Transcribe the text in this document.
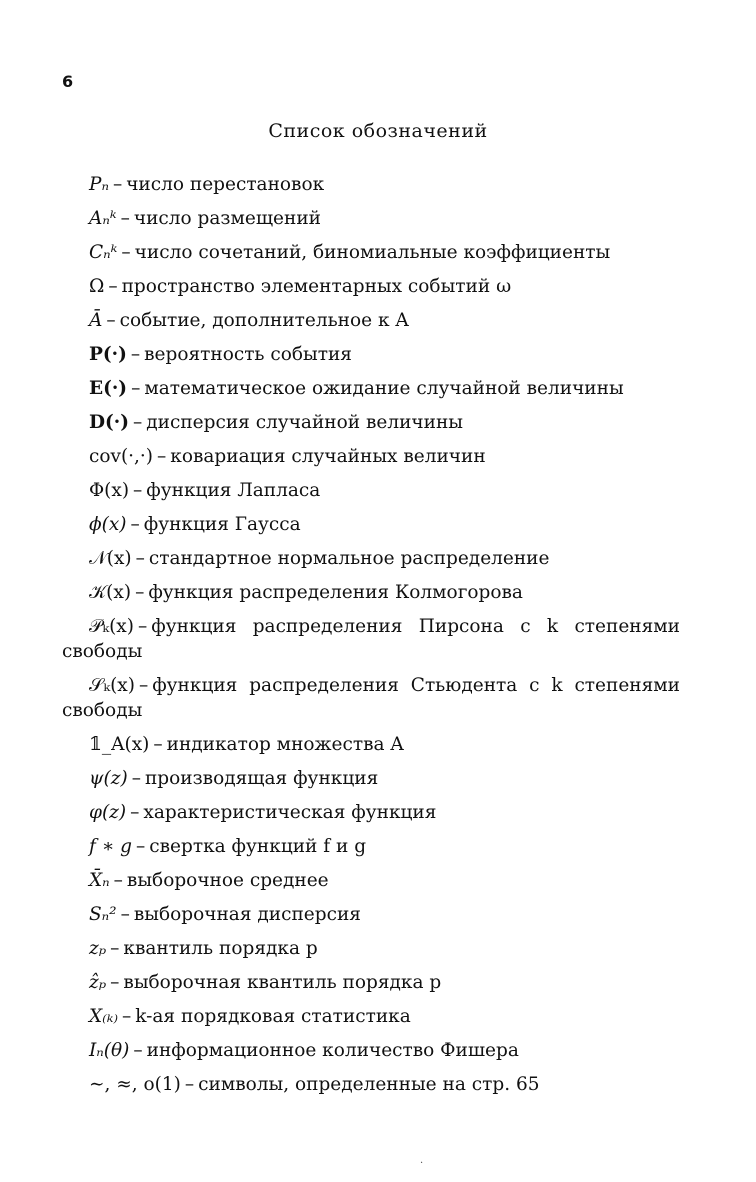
6
Список обозначений
Pₙ – число перестановок
Aₙᵏ – число размещений
Cₙᵏ – число сочетаний, биномиальные коэффициенты
Ω – пространство элементарных событий ω
Ā – событие, дополнительное к A
P(·) – вероятность события
E(·) – математическое ожидание случайной величины
D(·) – дисперсия случайной величины
cov(·,·) – ковариация случайных величин
Φ(x) – функция Лапласа
ϕ(x) – функция Гаусса
𝒩(x) – стандартное нормальное распределение
𝒦(x) – функция распределения Колмогорова
𝒫ₖ(x) – функция распределения Пирсона с k степенями свободы
𝒮ₖ(x) – функция распределения Стьюдента с k степенями свободы
𝟙_A(x) – индикатор множества A
ψ(z) – производящая функция
φ(z) – характеристическая функция
f ∗ g – свертка функций f и g
X̄ₙ – выборочное среднее
Sₙ² – выборочная дисперсия
zₚ – квантиль порядка p
ẑₚ – выборочная квантиль порядка p
X₍ₖ₎ – k-ая порядковая статистика
Iₙ(θ) – информационное количество Фишера
∼, ≈, o(1) – символы, определенные на стр. 65
·
